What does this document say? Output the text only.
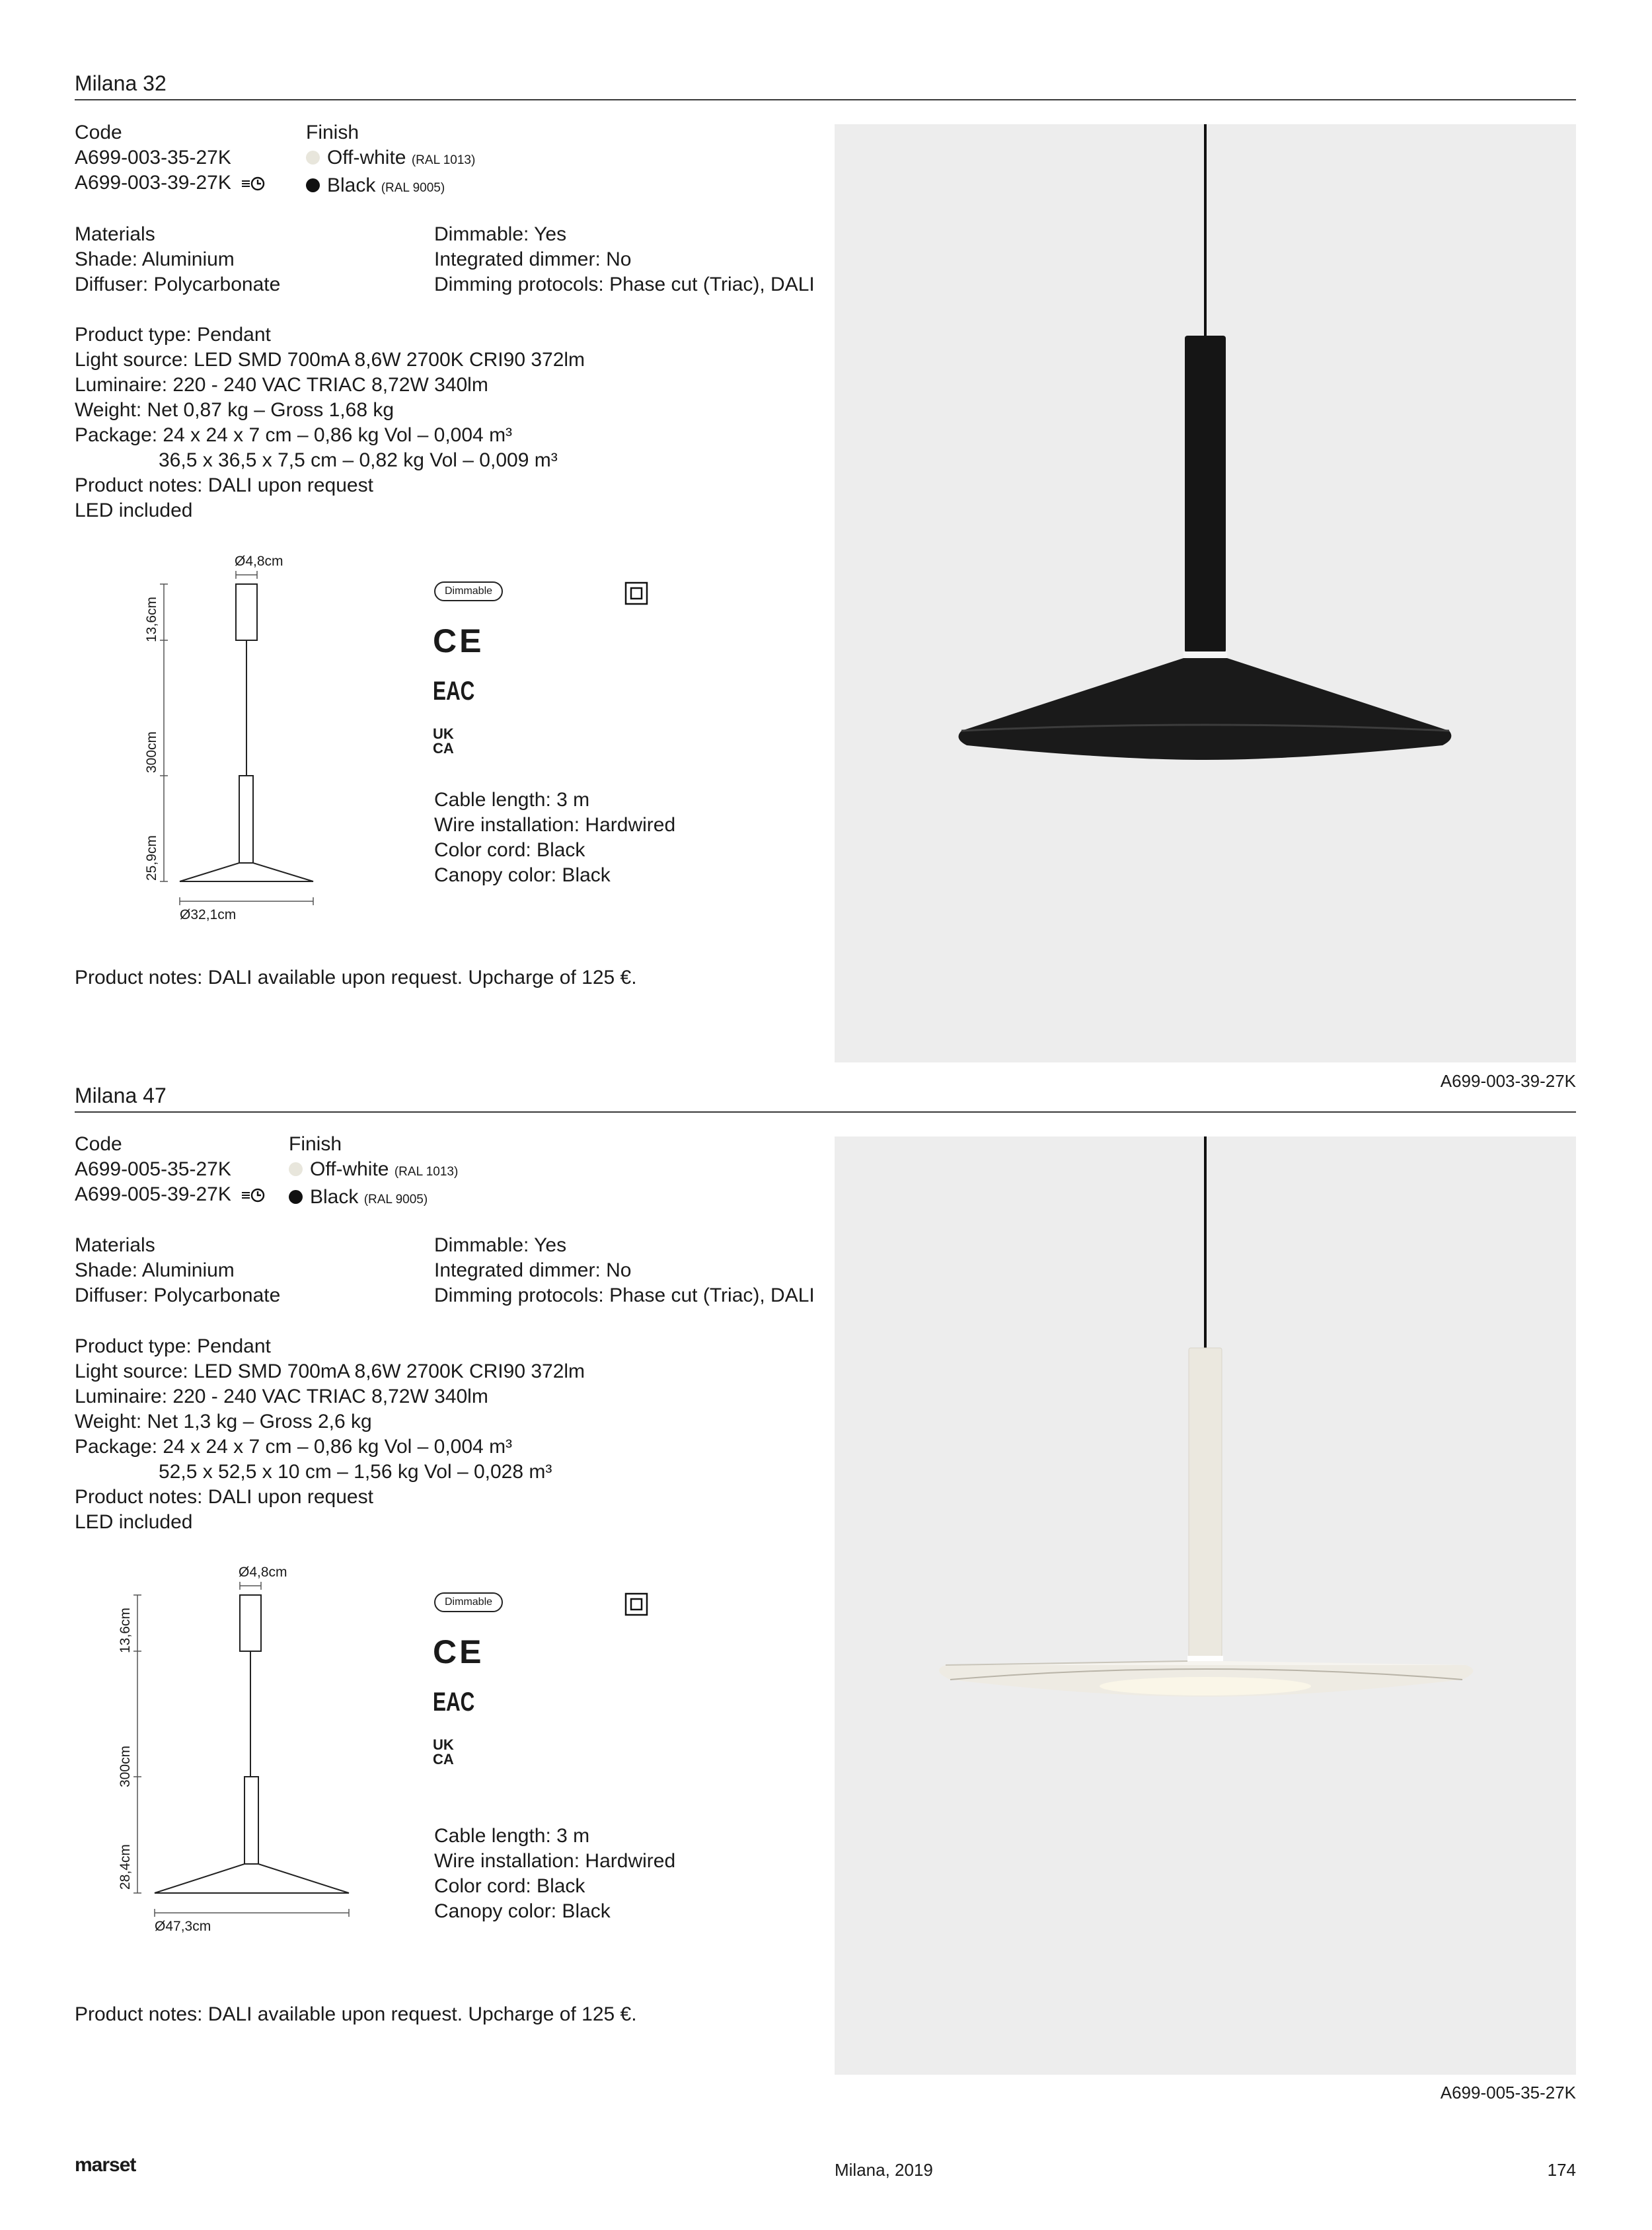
Milana 32
Code
A699-003-35-27K
A699-003-39-27K
Finish
Off-white (RAL 1013)
Black (RAL 9005)
Materials
Shade: Aluminium
Diffuser: Polycarbonate
Dimmable: Yes
Integrated dimmer: No
Dimming protocols: Phase cut (Triac), DALI
Product type: Pendant
Light source: LED SMD 700mA 8,6W 2700K CRI90 372lm
Luminaire: 220 - 240 VAC TRIAC 8,72W 340lm
Weight: Net 0,87 kg – Gross 1,68 kg
Package: 24 x 24 x 7 cm – 0,86 kg Vol – 0,004 m³
36,5 x 36,5 x 7,5 cm – 0,82 kg Vol – 0,009 m³
Product notes: DALI upon request
LED included
Ø4,8cm
13,6cm
300cm
25,9cm
Ø32,1cm
Dimmable
CE
EAC
UK
CA
Cable length: 3 m
Wire installation: Hardwired
Color cord: Black
Canopy color: Black
Product notes: DALI available upon request. Upcharge of 125 €.
A699-003-39-27K
Milana 47
Code
A699-005-35-27K
A699-005-39-27K
Finish
Off-white (RAL 1013)
Black (RAL 9005)
Materials
Shade: Aluminium
Diffuser: Polycarbonate
Dimmable: Yes
Integrated dimmer: No
Dimming protocols: Phase cut (Triac), DALI
Product type: Pendant
Light source: LED SMD 700mA 8,6W 2700K CRI90 372lm
Luminaire: 220 - 240 VAC TRIAC 8,72W 340lm
Weight: Net 1,3 kg – Gross 2,6 kg
Package: 24 x 24 x 7 cm – 0,86 kg Vol – 0,004 m³
52,5 x 52,5 x 10 cm – 1,56 kg Vol – 0,028 m³
Product notes: DALI upon request
LED included
Ø4,8cm
13,6cm
300cm
28,4cm
Ø47,3cm
Dimmable
CE
EAC
UK
CA
Cable length: 3 m
Wire installation: Hardwired
Color cord: Black
Canopy color: Black
Product notes: DALI available upon request. Upcharge of 125 €.
A699-005-35-27K
marset	Milana, 2019	174
